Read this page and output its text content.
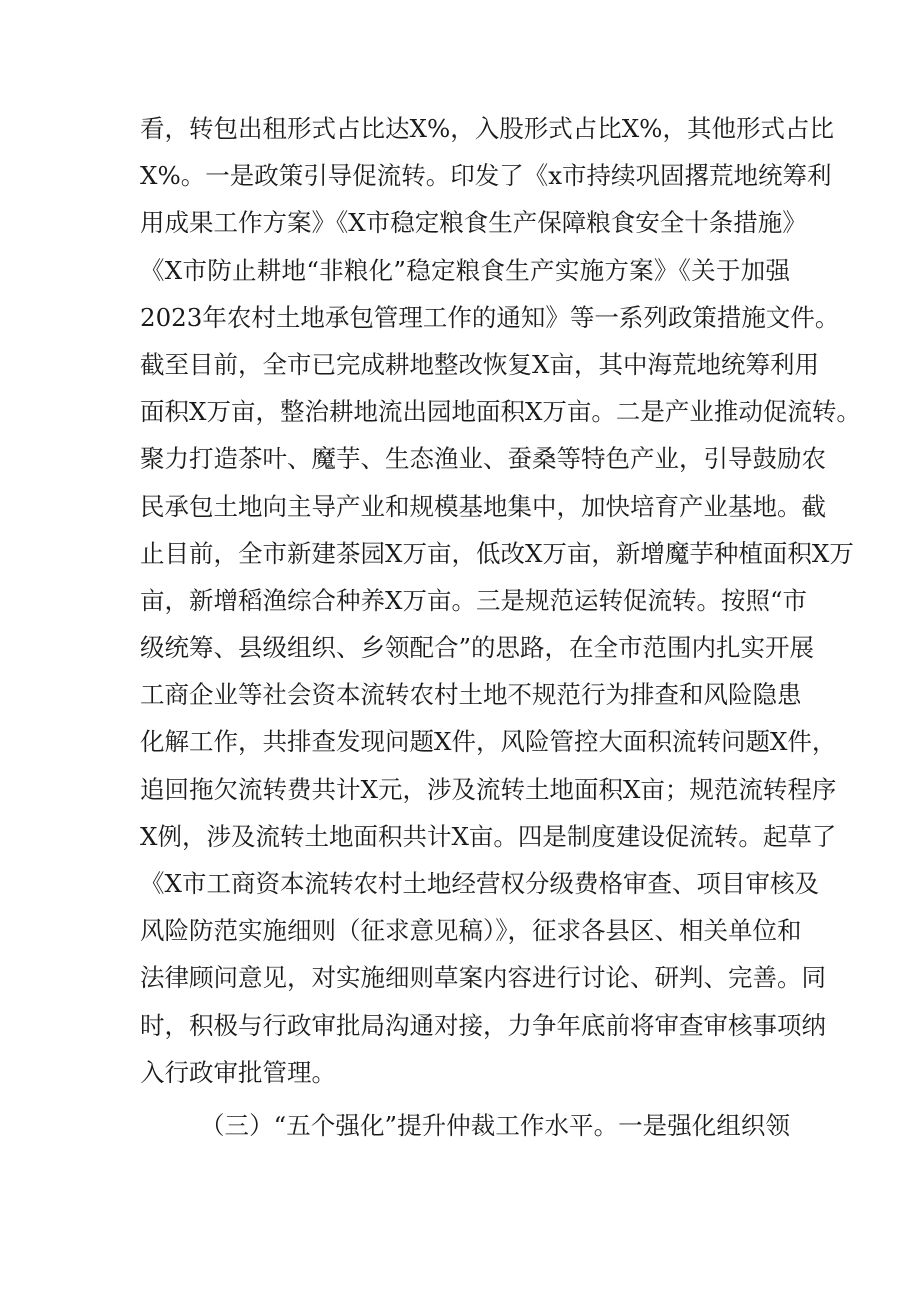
看，转包出租形式占比达X%，入股形式占比X%，其他形式占比
X%。一是政策引导促流转。印发了《x市持续巩固撂荒地统筹利
用成果工作方案》《X市稳定粮食生产保障粮食安全十条措施》
《X市防止耕地“非粮化”稳定粮食生产实施方案》《关于加强
2023年农村土地承包管理工作的通知》等一系列政策措施文件。
截至目前，全市已完成耕地整改恢复X亩，其中海荒地统筹利用
面积X万亩，整治耕地流出园地面积X万亩。二是产业推动促流转。
聚力打造茶叶、魔芋、生态渔业、蚕桑等特色产业，引导鼓励农
民承包土地向主导产业和规模基地集中，加快培育产业基地。截
止目前，全市新建茶园X万亩，低改X万亩，新增魔芋种植面积X万
亩，新增稻渔综合种养X万亩。三是规范运转促流转。按照“市
级统筹、县级组织、乡领配合”的思路，在全市范围内扎实开展
工商企业等社会资本流转农村土地不规范行为排查和风险隐患
化解工作，共排查发现问题X件，风险管控大面积流转问题X件，
追回拖欠流转费共计X元，涉及流转土地面积X亩；规范流转程序
X例，涉及流转土地面积共计X亩。四是制度建设促流转。起草了
《X市工商资本流转农村土地经营权分级费格审查、项目审核及
风险防范实施细则（征求意见稿）》，征求各县区、相关单位和
法律顾问意见，对实施细则草案内容进行讨论、研判、完善。同
时，积极与行政审批局沟通对接，力争年底前将审查审核事项纳
入行政审批管理。
（三）“五个强化”提升仲裁工作水平。一是强化组织领
